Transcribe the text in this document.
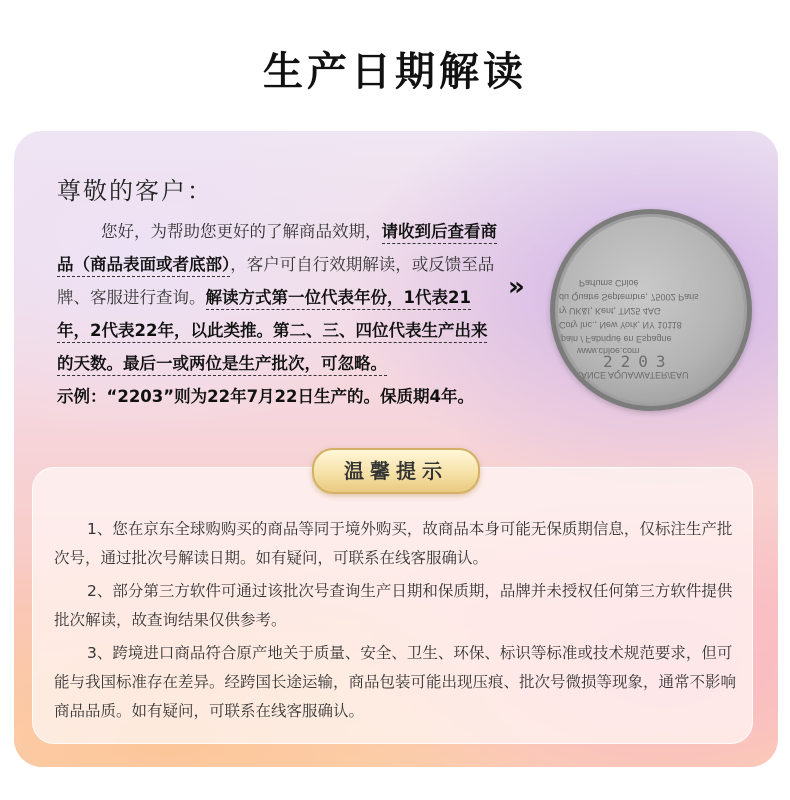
生产日期解读
尊敬的客户：
您好，为帮助您更好的了解商品效期，请收到后查看商品（商品表面或者底部），客户可自行效期解读，或反馈至品牌、客服进行查询。解读方式第一位代表年份，1代表21年，2代表22年，以此类推。第二、三、四位代表生产出来的天数。最后一或两位是生产批次，可忽略。
示例：“2203”则为22年7月22日生产的。保质期4年。
»
FRANCE AQUA/WATER/EAU
www.chloe.com
pain / Fabriqué en Espagne
Coty Inc., New York, NY 10118
ry UK&I, Kent, TN25 4AG
du Quatre Septembre, 75002 Paris
Parfums Chloé
2203
温馨提示

1、您在京东全球购购买的商品等同于境外购买，故商品本身可能无保质期信息，仅标注生产批次号，通过批次号解读日期。如有疑问，可联系在线客服确认。

2、部分第三方软件可通过该批次号查询生产日期和保质期，品牌并未授权任何第三方软件提供批次解读，故查询结果仅供参考。

3、跨境进口商品符合原产地关于质量、安全、卫生、环保、标识等标准或技术规范要求，但可能与我国标准存在差异。经跨国长途运输，商品包装可能出现压痕、批次号微损等现象，通常不影响商品品质。如有疑问，可联系在线客服确认。
